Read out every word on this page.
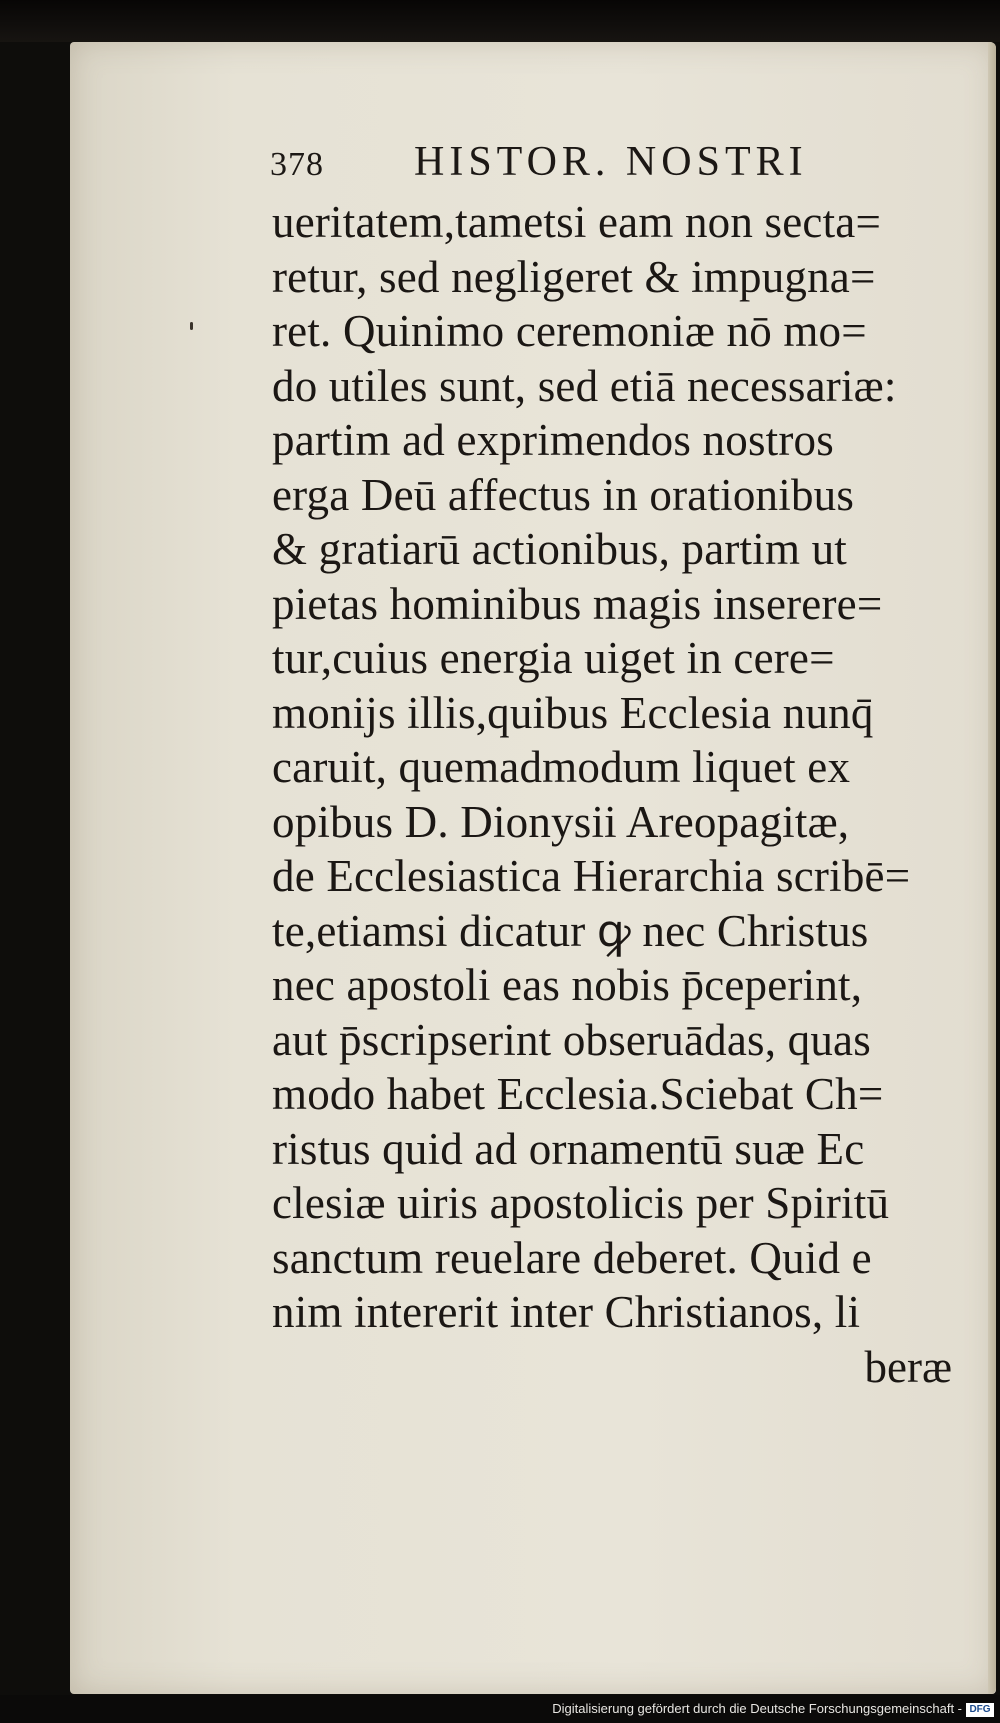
378 HISTOR. NOSTRI
ueritatem,tametsi eam non secta=
retur, sed negligeret & impugna=
ret. Quinimo ceremoniæ nō mo=
do utiles sunt, sed etiā necessariæ:
partim ad exprimendos nostros
erga Deū affectus in orationibus
& gratiarū actionibus, partim ut
pietas hominibus magis inserere=
tur,cuius energia uiget in cere=
monijs illis,quibus Ecclesia nunq̄
caruit, quemadmodum liquet ex
opibus D. Dionysii Areopagitæ,
de Ecclesiastica Hierarchia scribē=
te,etiamsi dicatur ꝙ nec Christus
nec apostoli eas nobis p̄ceperint,
aut p̄scripserint obseruādas, quas
modo habet Ecclesia.Sciebat Ch=
ristus quid ad ornamentū suæ Ec
clesiæ uiris apostolicis per Spiritū
sanctum reuelare deberet. Quid e
nim intererit inter Christianos, li
beræ
Digitalisierung gefördert durch die Deutsche Forschungsgemeinschaft - DFG
